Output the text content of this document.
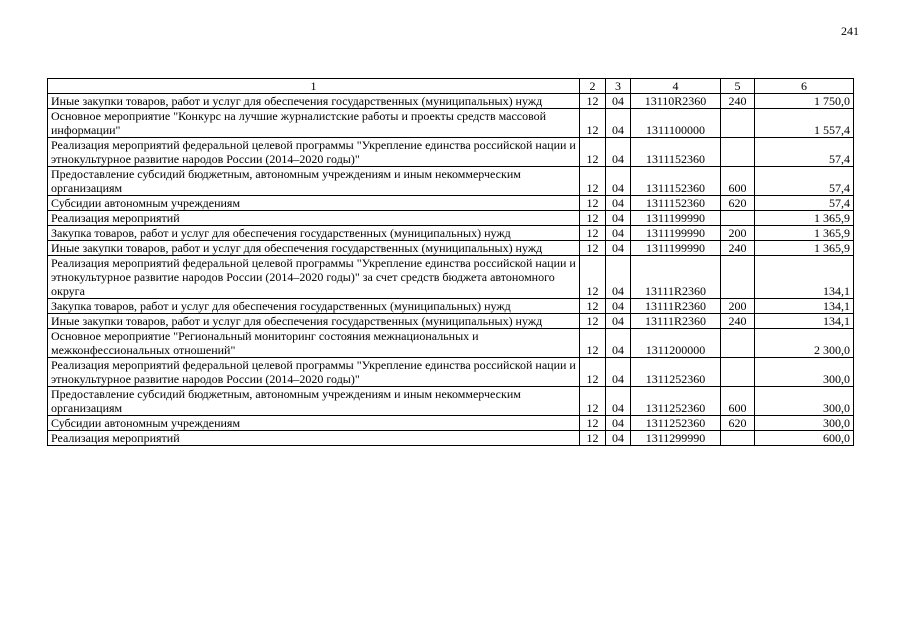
241
1	2	3	4	5	6
Иные закупки товаров, работ и услуг для обеспечения государственных (муниципальных) нужд	12	04	13110R2360	240	1 750,0
Основное мероприятие "Конкурс на лучшие журналистские работы и проекты средств массовой информации"	12	04	1311100000		1 557,4
Реализация мероприятий федеральной целевой программы "Укрепление единства российской нации и этнокультурное развитие народов России (2014–2020 годы)"	12	04	1311152360		57,4
Предоставление субсидий бюджетным, автономным учреждениям и иным некоммерческим организациям	12	04	1311152360	600	57,4
Субсидии автономным учреждениям	12	04	1311152360	620	57,4
Реализация мероприятий	12	04	1311199990		1 365,9
Закупка товаров, работ и услуг для обеспечения государственных (муниципальных) нужд	12	04	1311199990	200	1 365,9
Иные закупки товаров, работ и услуг для обеспечения государственных (муниципальных) нужд	12	04	1311199990	240	1 365,9
Реализация мероприятий федеральной целевой программы "Укрепление единства российской нации и этнокультурное развитие народов России (2014–2020 годы)" за счет средств бюджета автономного округа	12	04	13111R2360		134,1
Закупка товаров, работ и услуг для обеспечения государственных (муниципальных) нужд	12	04	13111R2360	200	134,1
Иные закупки товаров, работ и услуг для обеспечения государственных (муниципальных) нужд	12	04	13111R2360	240	134,1
Основное мероприятие "Региональный мониторинг состояния межнациональных и межконфессиональных отношений"	12	04	1311200000		2 300,0
Реализация мероприятий федеральной целевой программы "Укрепление единства российской нации и этнокультурное развитие народов России (2014–2020 годы)"	12	04	1311252360		300,0
Предоставление субсидий бюджетным, автономным учреждениям и иным некоммерческим организациям	12	04	1311252360	600	300,0
Субсидии автономным учреждениям	12	04	1311252360	620	300,0
Реализация мероприятий	12	04	1311299990		600,0
